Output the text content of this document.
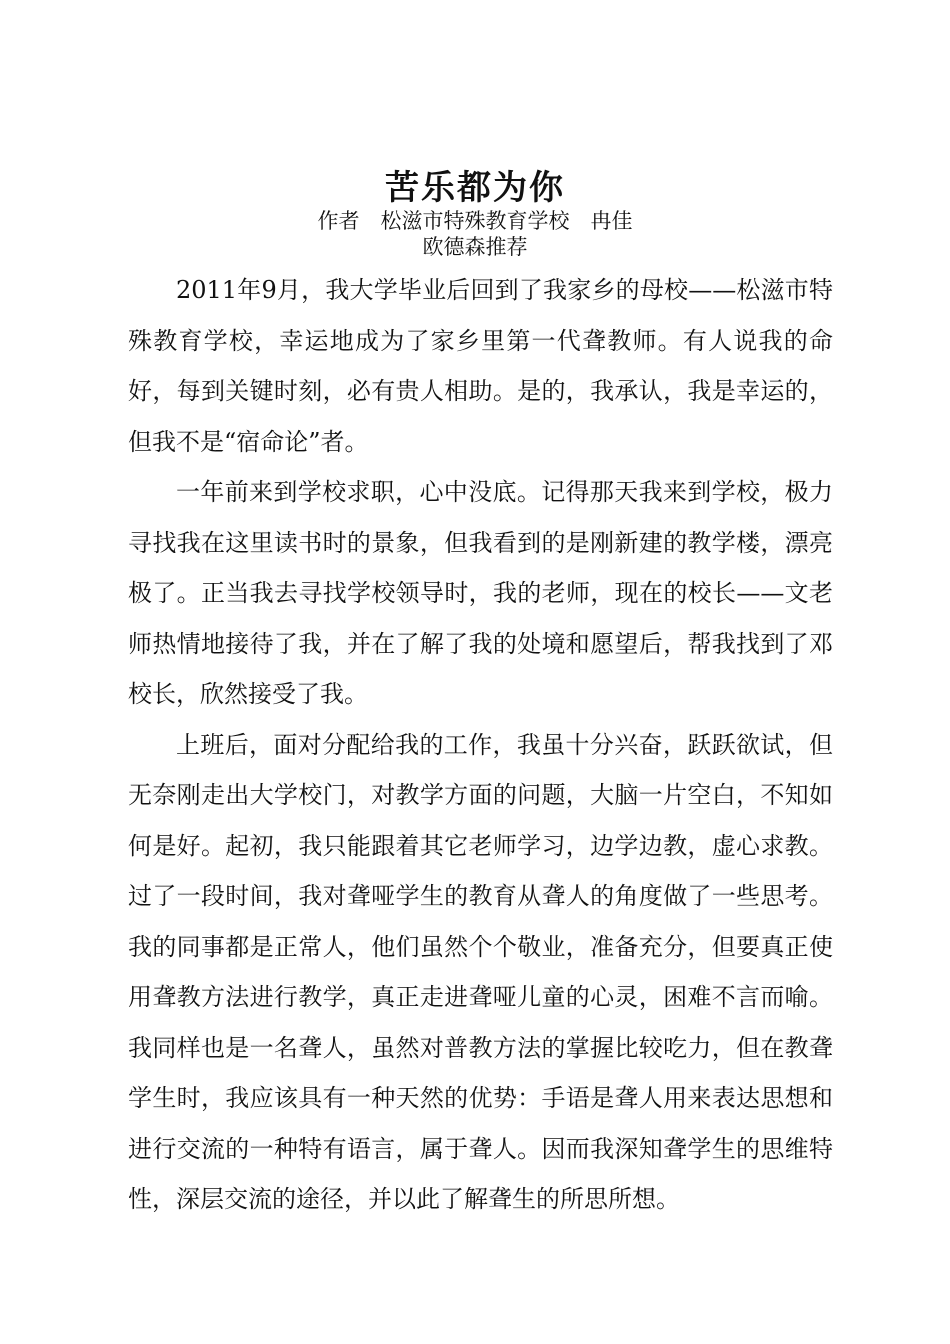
苦乐都为你
作者　松滋市特殊教育学校　冉佳
欧德森推荐

2011年9月，我大学毕业后回到了我家乡的母校——松滋市特殊教育学校，幸运地成为了家乡里第一代聋教师。有人说我的命好，每到关键时刻，必有贵人相助。是的，我承认，我是幸运的，但我不是“宿命论”者。

一年前来到学校求职，心中没底。记得那天我来到学校，极力寻找我在这里读书时的景象，但我看到的是刚新建的教学楼，漂亮极了。正当我去寻找学校领导时，我的老师，现在的校长——文老师热情地接待了我，并在了解了我的处境和愿望后，帮我找到了邓校长，欣然接受了我。

上班后，面对分配给我的工作，我虽十分兴奋，跃跃欲试，但无奈刚走出大学校门，对教学方面的问题，大脑一片空白，不知如何是好。起初，我只能跟着其它老师学习，边学边教，虚心求教。过了一段时间，我对聋哑学生的教育从聋人的角度做了一些思考。我的同事都是正常人，他们虽然个个敬业，准备充分，但要真正使用聋教方法进行教学，真正走进聋哑儿童的心灵，困难不言而喻。我同样也是一名聋人，虽然对普教方法的掌握比较吃力，但在教聋学生时，我应该具有一种天然的优势：手语是聋人用来表达思想和进行交流的一种特有语言，属于聋人。因而我深知聋学生的思维特性，深层交流的途径，并以此了解聋生的所思所想。
